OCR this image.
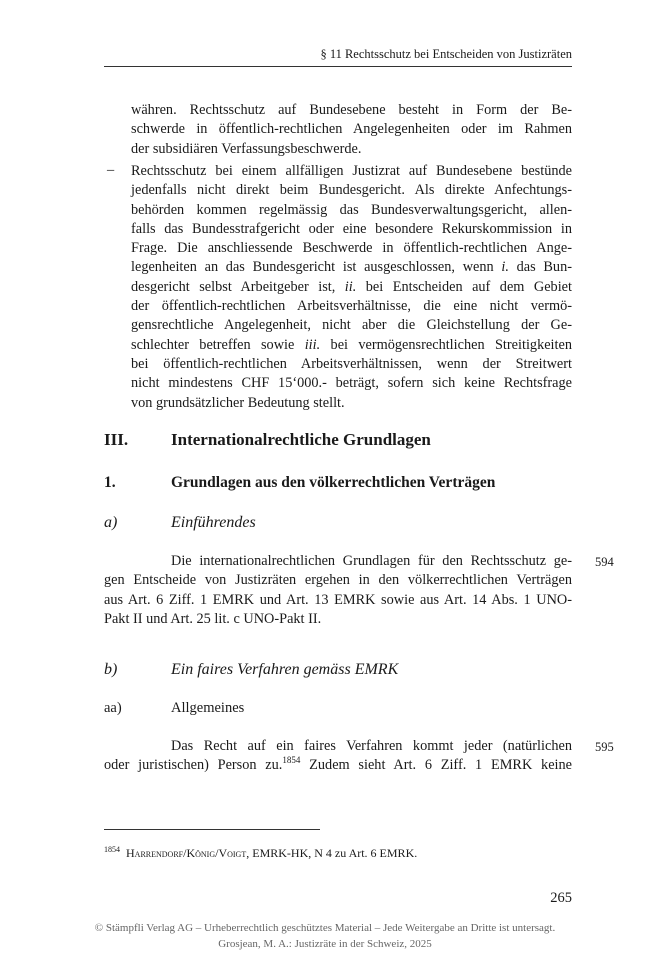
§ 11 Rechtsschutz bei Entscheiden von Justizräten
währen. Rechtsschutz auf Bundesebene besteht in Form der Be-
schwerde in öffentlich-rechtlichen Angelegenheiten oder im Rahmen
der subsidiären Verfassungsbeschwerde.
– Rechtsschutz bei einem allfälligen Justizrat auf Bundesebene bestünde
jedenfalls nicht direkt beim Bundesgericht. Als direkte Anfechtungs-
behörden kommen regelmässig das Bundesverwaltungsgericht, allen-
falls das Bundesstrafgericht oder eine besondere Rekurskommission in
Frage. Die anschliessende Beschwerde in öffentlich-rechtlichen Ange-
legenheiten an das Bundesgericht ist ausgeschlossen, wenn i. das Bun-
desgericht selbst Arbeitgeber ist, ii. bei Entscheiden auf dem Gebiet
der öffentlich-rechtlichen Arbeitsverhältnisse, die eine nicht vermö-
gensrechtliche Angelegenheit, nicht aber die Gleichstellung der Ge-
schlechter betreffen sowie iii. bei vermögensrechtlichen Streitigkeiten
bei öffentlich-rechtlichen Arbeitsverhältnissen, wenn der Streitwert
nicht mindestens CHF 15‘000.- beträgt, sofern sich keine Rechtsfrage
von grundsätzlicher Bedeutung stellt.
III.	Internationalrechtliche Grundlagen
1.	Grundlagen aus den völkerrechtlichen Verträgen
a)	Einführendes
594
Die internationalrechtlichen Grundlagen für den Rechtsschutz ge-
gen Entscheide von Justizräten ergehen in den völkerrechtlichen Verträgen
aus Art. 6 Ziff. 1 EMRK und Art. 13 EMRK sowie aus Art. 14 Abs. 1 UNO-
Pakt II und Art. 25 lit. c UNO-Pakt II.
b)	Ein faires Verfahren gemäss EMRK
aa)	Allgemeines
595
Das Recht auf ein faires Verfahren kommt jeder (natürlichen
oder juristischen) Person zu.$^{1854}$ Zudem sieht Art. 6 Ziff. 1 EMRK keine
$^{1854}$ Harrendorf/König/Voigt, EMRK-HK, N 4 zu Art. 6 EMRK.
265
© Stämpfli Verlag AG – Urheberrechtlich geschütztes Material – Jede Weitergabe an Dritte ist untersagt.
Grosjean, M. A.: Justizräte in der Schweiz, 2025
